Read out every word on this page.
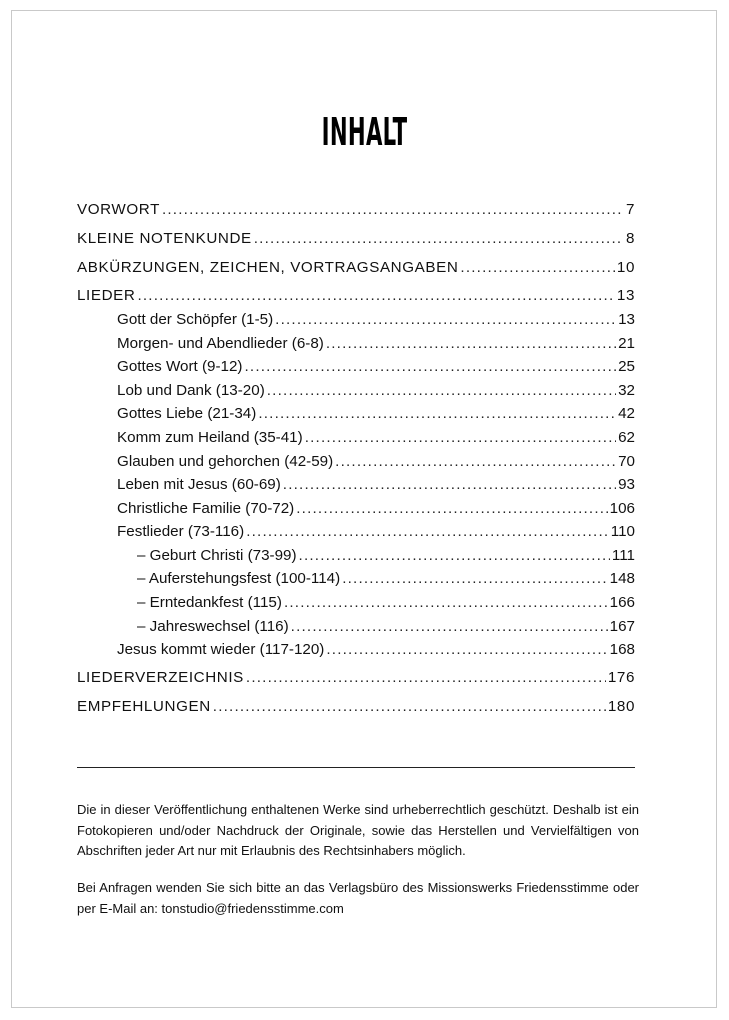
INHALT
VORWORT .....	7
KLEINE NOTENKUNDE .....	8
ABKÜRZUNGEN, ZEICHEN, VORTRAGSANGABEN .....	10
LIEDER .....	13
Gott der Schöpfer (1-5) .....	13
Morgen- und Abendlieder (6-8) .....	21
Gottes Wort (9-12) .....	25
Lob und Dank (13-20) .....	32
Gottes Liebe (21-34) .....	42
Komm zum Heiland (35-41) .....	62
Glauben und gehorchen (42-59) .....	70
Leben mit Jesus (60-69) .....	93
Christliche Familie (70-72) .....	106
Festlieder (73-116) .....	110
– Geburt Christi (73-99) .....	111
– Auferstehungsfest (100-114) .....	148
– Erntedankfest (115) .....	166
– Jahreswechsel (116) .....	167
Jesus kommt wieder (117-120) .....	168
LIEDERVERZEICHNIS .....	176
EMPFEHLUNGEN .....	180

Die in dieser Veröffentlichung enthaltenen Werke sind urheberrechtlich geschützt. Deshalb ist ein Fotokopieren und/oder Nachdruck der Originale, sowie das Herstellen und Vervielfältigen von Abschriften jeder Art nur mit Erlaubnis des Rechtsinhabers möglich.

Bei Anfragen wenden Sie sich bitte an das Verlagsbüro des Missionswerks Friedensstimme oder per E-Mail an: tonstudio@friedensstimme.com
